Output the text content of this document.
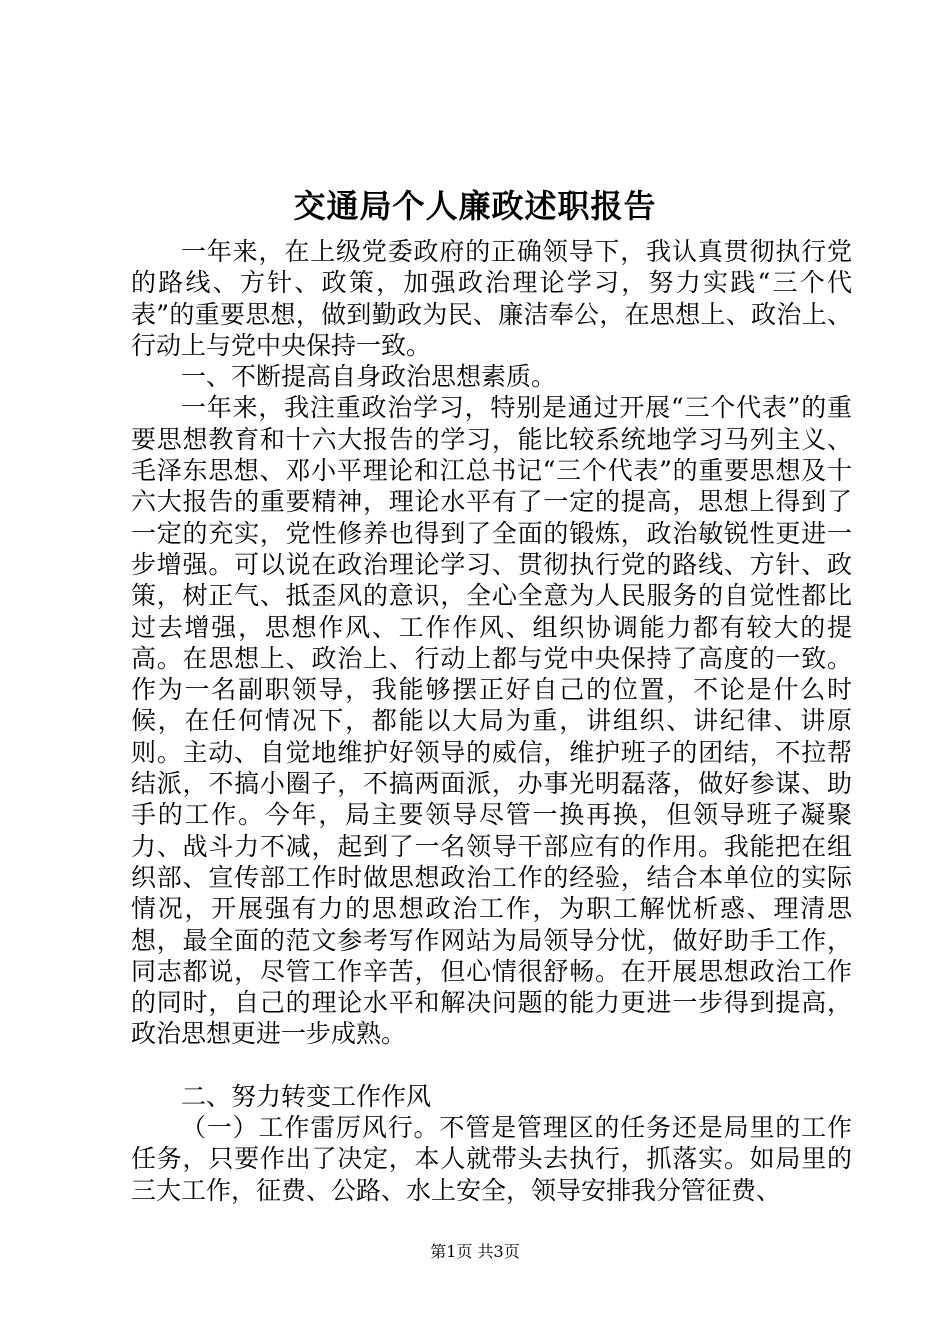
交通局个人廉政述职报告

一年来，在上级党委政府的正确领导下，我认真贯彻执行党的路线、方针、政策，加强政治理论学习，努力实践“三个代表”的重要思想，做到勤政为民、廉洁奉公，在思想上、政治上、行动上与党中央保持一致。

一、不断提高自身政治思想素质。

一年来，我注重政治学习，特别是通过开展“三个代表”的重要思想教育和十六大报告的学习，能比较系统地学习马列主义、毛泽东思想、邓小平理论和江总书记“三个代表”的重要思想及十六大报告的重要精神，理论水平有了一定的提高，思想上得到了一定的充实，党性修养也得到了全面的锻炼，政治敏锐性更进一步增强。可以说在政治理论学习、贯彻执行党的路线、方针、政策，树正气、抵歪风的意识，全心全意为人民服务的自觉性都比过去增强，思想作风、工作作风、组织协调能力都有较大的提高。在思想上、政治上、行动上都与党中央保持了高度的一致。作为一名副职领导，我能够摆正好自己的位置，不论是什么时候，在任何情况下，都能以大局为重，讲组织、讲纪律、讲原则。主动、自觉地维护好领导的威信，维护班子的团结，不拉帮结派，不搞小圈子，不搞两面派，办事光明磊落，做好参谋、助手的工作。今年，局主要领导尽管一换再换，但领导班子凝聚力、战斗力不减，起到了一名领导干部应有的作用。我能把在组织部、宣传部工作时做思想政治工作的经验，结合本单位的实际情况，开展强有力的思想政治工作，为职工解忧析惑、理清思想，最全面的范文参考写作网站为局领导分忧，做好助手工作，同志都说，尽管工作辛苦，但心情很舒畅。在开展思想政治工作的同时，自己的理论水平和解决问题的能力更进一步得到提高，政治思想更进一步成熟。

二、努力转变工作作风

（一）工作雷厉风行。不管是管理区的任务还是局里的工作任务，只要作出了决定，本人就带头去执行，抓落实。如局里的三大工作，征费、公路、水上安全，领导安排我分管征费、

第1页 共3页
